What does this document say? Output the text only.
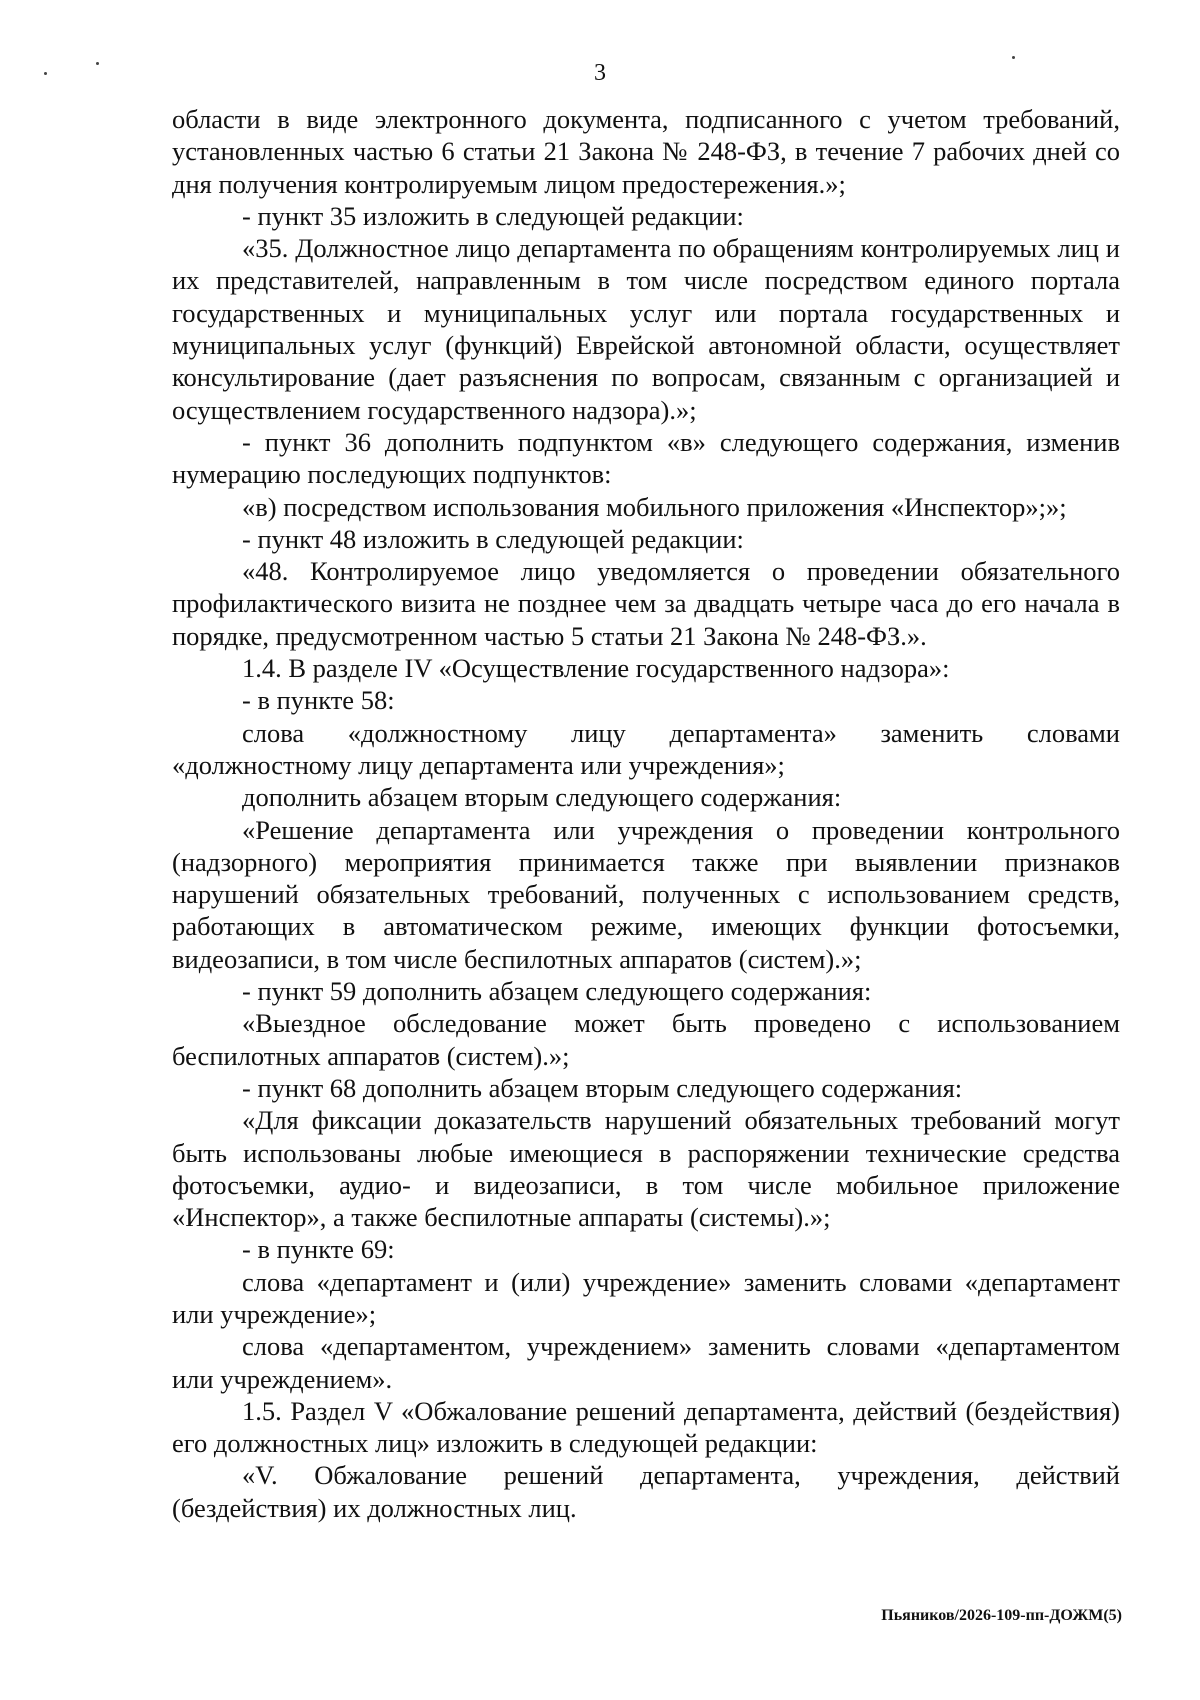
3

области в виде электронного документа, подписанного с учетом требований, установленных частью 6 статьи 21 Закона № 248-ФЗ, в течение 7 рабочих дней со дня получения контролируемым лицом предостережения.»;

- пункт 35 изложить в следующей редакции:

«35. Должностное лицо департамента по обращениям контролируемых лиц и их представителей, направленным в том числе посредством единого портала государственных и муниципальных услуг или портала государственных и муниципальных услуг (функций) Еврейской автономной области, осуществляет консультирование (дает разъяснения по вопросам, связанным с организацией и осуществлением государственного надзора).»;

- пункт 36 дополнить подпунктом «в» следующего содержания, изменив нумерацию последующих подпунктов:

«в) посредством использования мобильного приложения «Инспектор»;»;

- пункт 48 изложить в следующей редакции:

«48. Контролируемое лицо уведомляется о проведении обязательного профилактического визита не позднее чем за двадцать четыре часа до его начала в порядке, предусмотренном частью 5 статьи 21 Закона № 248-ФЗ.».

1.4. В разделе IV «Осуществление государственного надзора»:

- в пункте 58:

слова «должностному лицу департамента» заменить словами «должностному лицу департамента или учреждения»;

дополнить абзацем вторым следующего содержания:

«Решение департамента или учреждения о проведении контрольного (надзорного) мероприятия принимается также при выявлении признаков нарушений обязательных требований, полученных с использованием средств, работающих в автоматическом режиме, имеющих функции фотосъемки, видеозаписи, в том числе беспилотных аппаратов (систем).»;

- пункт 59 дополнить абзацем следующего содержания:

«Выездное обследование может быть проведено с использованием беспилотных аппаратов (систем).»;

- пункт 68 дополнить абзацем вторым следующего содержания:

«Для фиксации доказательств нарушений обязательных требований могут быть использованы любые имеющиеся в распоряжении технические средства фотосъемки, аудио- и видеозаписи, в том числе мобильное приложение «Инспектор», а также беспилотные аппараты (системы).»;

- в пункте 69:

слова «департамент и (или) учреждение» заменить словами «департамент или учреждение»;

слова «департаментом, учреждением» заменить словами «департаментом или учреждением».

1.5. Раздел V «Обжалование решений департамента, действий (бездействия) его должностных лиц» изложить в следующей редакции:

«V. Обжалование решений департамента, учреждения, действий (бездействия) их должностных лиц.

Пьяников/2026-109-пп-ДОЖМ(5)
